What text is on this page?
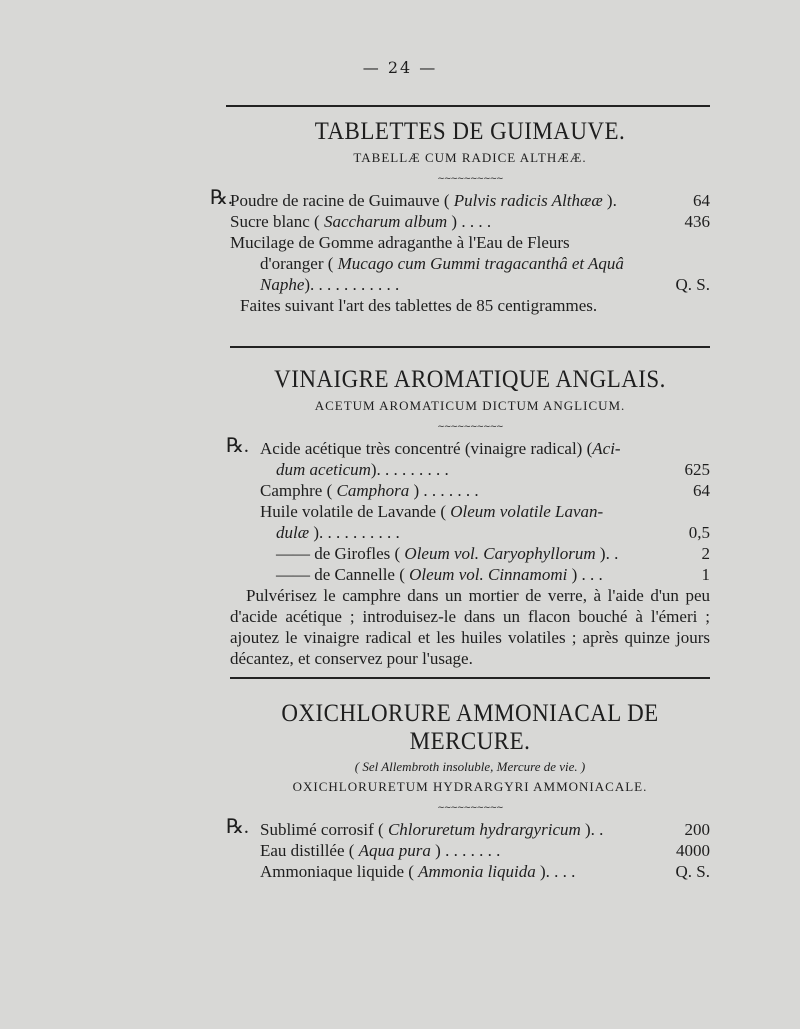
— 24 —
TABLETTES DE GUIMAUVE.
TABELLÆ CUM RADICE ALTHÆÆ.
~~~~~~~~~~
℞.
Poudre de racine de Guimauve ( Pulvis radicis Althææ ).	64
Sucre blanc ( Saccharum album ) . . . .	436
Mucilage de Gomme adraganthe à l'Eau de Fleurs
d'oranger ( Mucago cum Gummi tragacanthâ et Aquâ
Naphe). . . . . . . . . . .	Q. S.
Faites suivant l'art des tablettes de 85 centigrammes.
VINAIGRE AROMATIQUE ANGLAIS.
ACETUM AROMATICUM DICTUM ANGLICUM.
~~~~~~~~~~
℞. Acide acétique très concentré (vinaigre radical) (Aci-
dum aceticum). . . . . . . . .	625
Camphre ( Camphora ) . . . . . . .	64
Huile volatile de Lavande ( Oleum volatile Lavan-
dulæ ). . . . . . . . . .	0,5
—— de Girofles ( Oleum vol. Caryophyllorum ). .	2
—— de Cannelle ( Oleum vol. Cinnamomi ) . . .	1
Pulvérisez le camphre dans un mortier de verre, à l'aide d'un peu d'acide acétique ; introduisez-le dans un flacon bouché à l'émeri ; ajoutez le vinaigre radical et les huiles volatiles ; après quinze jours décantez, et conservez pour l'usage.
OXICHLORURE AMMONIACAL DE MERCURE.
( Sel Allembroth insoluble, Mercure de vie. )
OXICHLORURETUM HYDRARGYRI AMMONIACALE.
~~~~~~~~~~
℞. Sublimé corrosif ( Chloruretum hydrargyricum ). .	200
Eau distillée ( Aqua pura ) . . . . . . .	4000
Ammoniaque liquide ( Ammonia liquida ). . . .	Q. S.
